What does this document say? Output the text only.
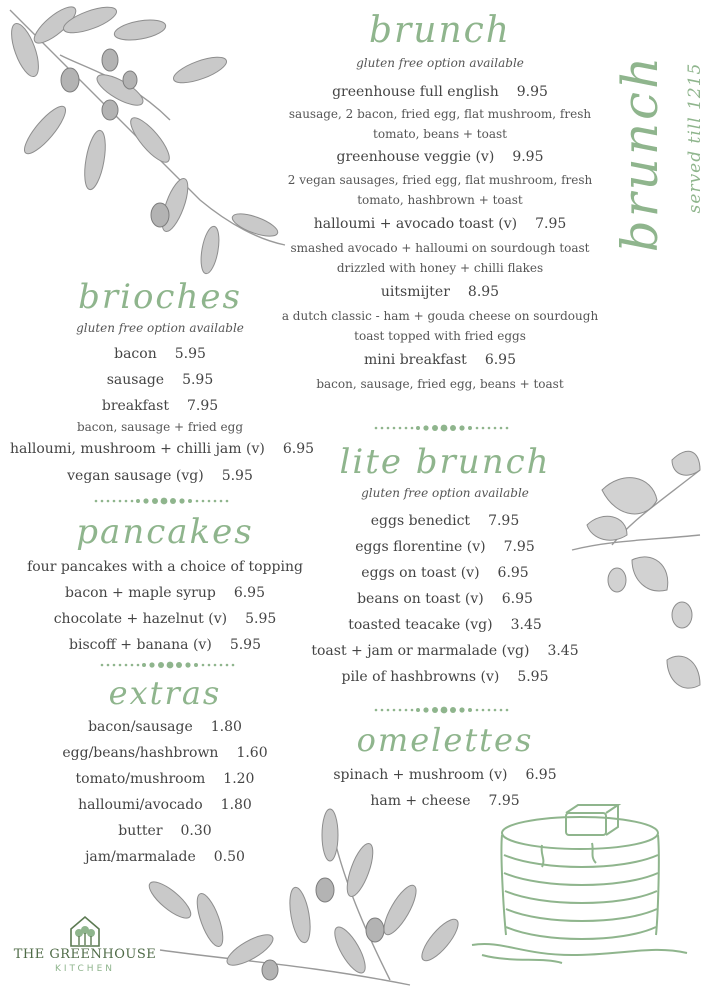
brunch
gluten free option available
greenhouse full english 9.95
sausage, 2 bacon, fried egg, flat mushroom, fresh
tomato, beans + toast
greenhouse veggie (v) 9.95
2 vegan sausages, fried egg, flat mushroom, fresh
tomato, hashbrown + toast
halloumi + avocado toast (v) 7.95
smashed avocado + halloumi on sourdough toast
drizzled with honey + chilli flakes
uitsmijter 8.95
a dutch classic - ham + gouda cheese on sourdough
toast topped with fried eggs
mini breakfast 6.95
bacon, sausage, fried egg, beans + toast
brunch served till 1215
brioches
gluten free option available
bacon 5.95
sausage 5.95
breakfast 7.95
bacon, sausage + fried egg
halloumi, mushroom + chilli jam (v) 6.95
vegan sausage (vg) 5.95
pancakes
four pancakes with a choice of topping
bacon + maple syrup 6.95
chocolate + hazelnut (v) 5.95
biscoff + banana (v) 5.95
extras
bacon/sausage 1.80
egg/beans/hashbrown 1.60
tomato/mushroom 1.20
halloumi/avocado 1.80
butter 0.30
jam/marmalade 0.50
lite brunch
gluten free option available
eggs benedict 7.95
eggs florentine (v) 7.95
eggs on toast (v) 6.95
beans on toast (v) 6.95
toasted teacake (vg) 3.45
toast + jam or marmalade (vg) 3.45
pile of hashbrowns (v) 5.95
omelettes
spinach + mushroom (v) 6.95
ham + cheese 7.95
THE GREENHOUSE
KITCHEN
